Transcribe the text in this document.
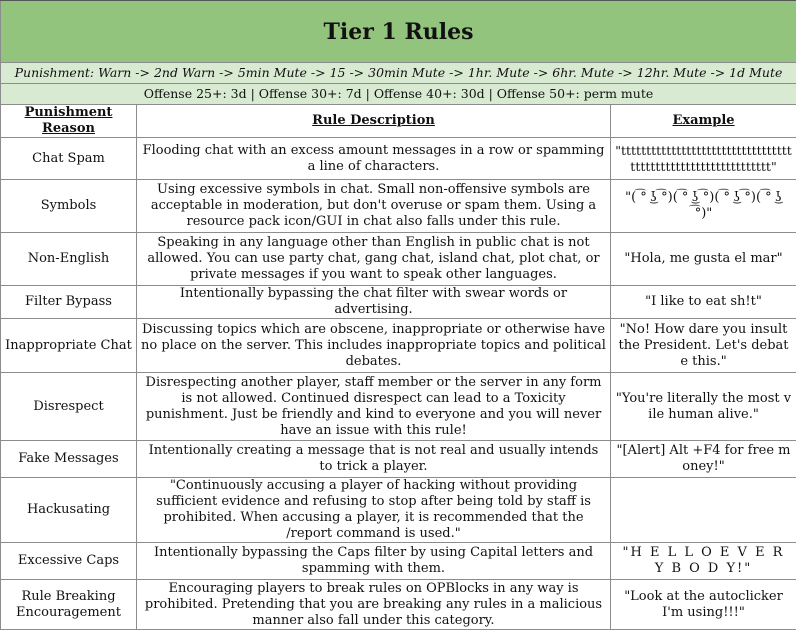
Tier 1 Rules		
Punishment: Warn -> 2nd Warn -> 5min Mute -> 15 -> 30min Mute -> 1hr. Mute -> 6hr. Mute -> 12hr. Mute -> 1d Mute		
Offense 25+: 3d | Offense 30+: 7d | Offense 40+: 30d | Offense 50+: perm mute		
Punishment Reason	Rule Description	Example
Chat Spam	Flooding chat with an excess amount messages in a row or spamming a line of characters.	"tttttttttttttttttttttttttttttttttttttttttttttttttttttttttttttt"
Symbols	Using excessive symbols in chat. Small non-offensive symbols are acceptable in moderation, but don't overuse or spam them. Using a resource pack icon/GUI in chat also falls under this rule.	"( ͡° ͜ʖ ͡°)( ͡° ͜ʖ ͡°)( ͡° ͜ʖ ͡°)( ͡° ͜ʖ ͡°)"
Non-English	Speaking in any language other than English in public chat is not allowed. You can use party chat, gang chat, island chat, plot chat, or private messages if you want to speak other languages.	"Hola, me gusta el mar"
Filter Bypass	Intentionally bypassing the chat filter with swear words or advertising.	"I like to eat sh!t"
Inappropriate Chat	Discussing topics which are obscene, inappropriate or otherwise have no place on the server. This includes inappropriate topics and political debates.	"No! How dare you insult the President. Let's debate this."
Disrespect	Disrespecting another player, staff member or the server in any form is not allowed. Continued disrespect can lead to a Toxicity punishment. Just be friendly and kind to everyone and you will never have an issue with this rule!	"You're literally the most vile human alive."
Fake Messages	Intentionally creating a message that is not real and usually intends to trick a player.	"[Alert] Alt +F4 for free money!"
Hackusating	"Continuously accusing a player of hacking without providing sufficient evidence and refusing to stop after being told by staff is prohibited. When accusing a player, it is recommended that the /report command is used."	
Excessive Caps	Intentionally bypassing the Caps filter by using Capital letters and spamming with them.	"H E L L O E V E R Y B O D Y!"
Rule Breaking Encouragement	Encouraging players to break rules on OPBlocks in any way is prohibited. Pretending that you are breaking any rules in a malicious manner also fall under this category.	"Look at the autoclicker I'm using!!!"
